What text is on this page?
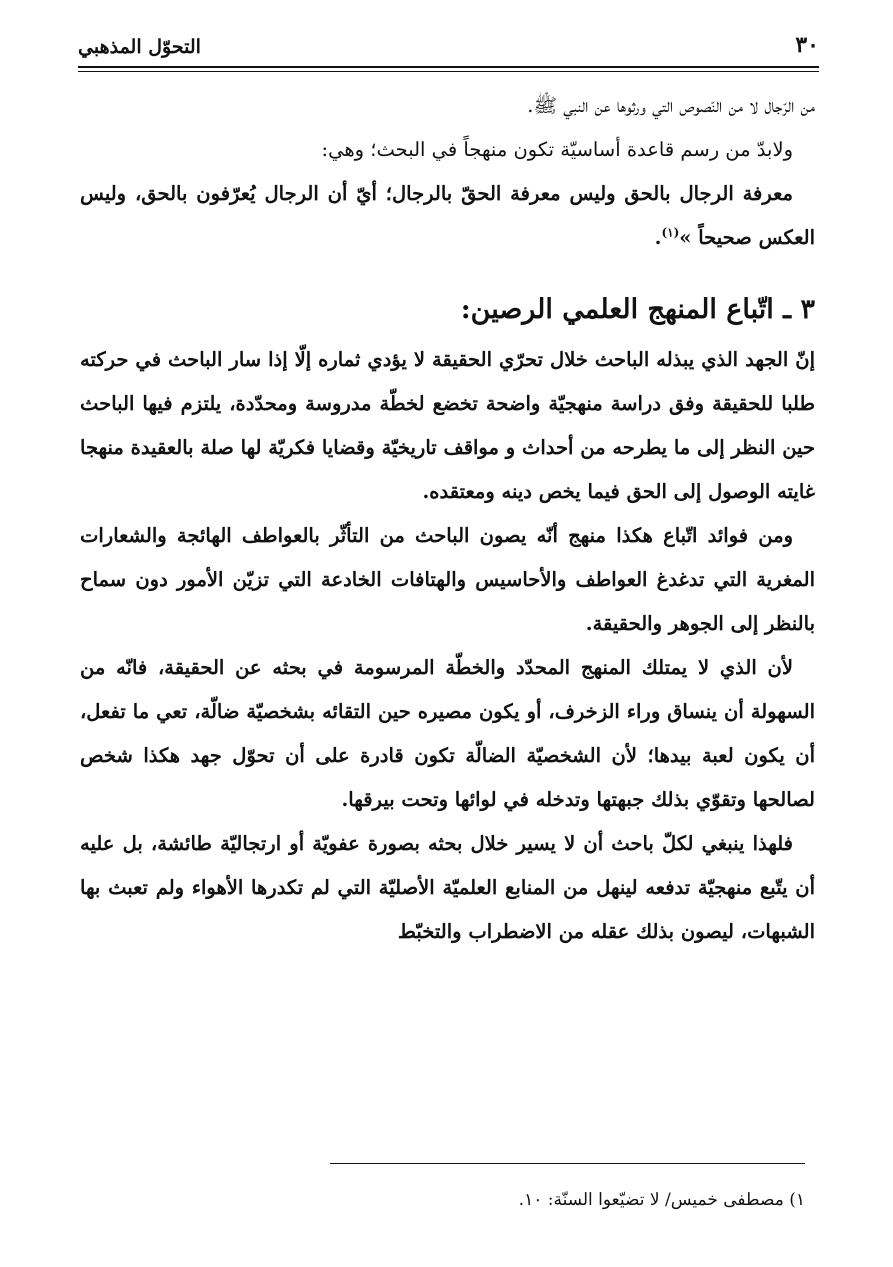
٣٠
التحوّل المذهبي

من الرّجال لا من النّصوص التي ورثوها عن النبي ﷺ.

ولابدّ من رسم قاعدة أساسيّة تكون منهجاً في البحث؛ وهي:

معرفة الرجال بالحق وليس معرفة الحقّ بالرجال؛ أيّ أن الرجال يُعرّفون بالحق، وليس العكس صحيحاً »$^{(١)}$.

٣ ـ اتّباع المنهج العلمي الرصين:

إنّ الجهد الذي يبذله الباحث خلال تحرّي الحقيقة لا يؤدي ثماره إلّا إذا سار الباحث في حركته طلبا للحقيقة وفق دراسة منهجيّة واضحة تخضع لخطّة مدروسة ومحدّدة، يلتزم فيها الباحث حين النظر إلى ما يطرحه من أحداث و مواقف تاريخيّة وقضايا فكريّة لها صلة بالعقيدة منهجا غايته الوصول إلى الحق فيما يخص دينه ومعتقده.

ومن فوائد اتّباع هكذا منهج أنّه يصون الباحث من التأثّر بالعواطف الهائجة والشعارات المغرية التي تدغدغ العواطف والأحاسيس والهتافات الخادعة التي تزيّن الأمور دون سماح بالنظر إلى الجوهر والحقيقة.

لأن الذي لا يمتلك المنهج المحدّد والخطّة المرسومة في بحثه عن الحقيقة، فانّه من السهولة أن ينساق وراء الزخرف، أو يكون مصيره حين التقائه بشخصيّة ضالّة، تعي ما تفعل، أن يكون لعبة بيدها؛ لأن الشخصيّة الضالّة تكون قادرة على أن تحوّل جهد هكذا شخص لصالحها وتقوّي بذلك جبهتها وتدخله في لوائها وتحت بيرقها.

فلهذا ينبغي لكلّ باحث أن لا يسير خلال بحثه بصورة عفويّة أو ارتجاليّة طائشة، بل عليه أن يتّبع منهجيّة تدفعه لينهل من المنابع العلميّة الأصليّة التي لم تكدرها الأهواء ولم تعبث بها الشبهات، ليصون بذلك عقله من الاضطراب والتخبّط

١) مصطفى خميس/ لا تضيّعوا السنّة: ١٠.
